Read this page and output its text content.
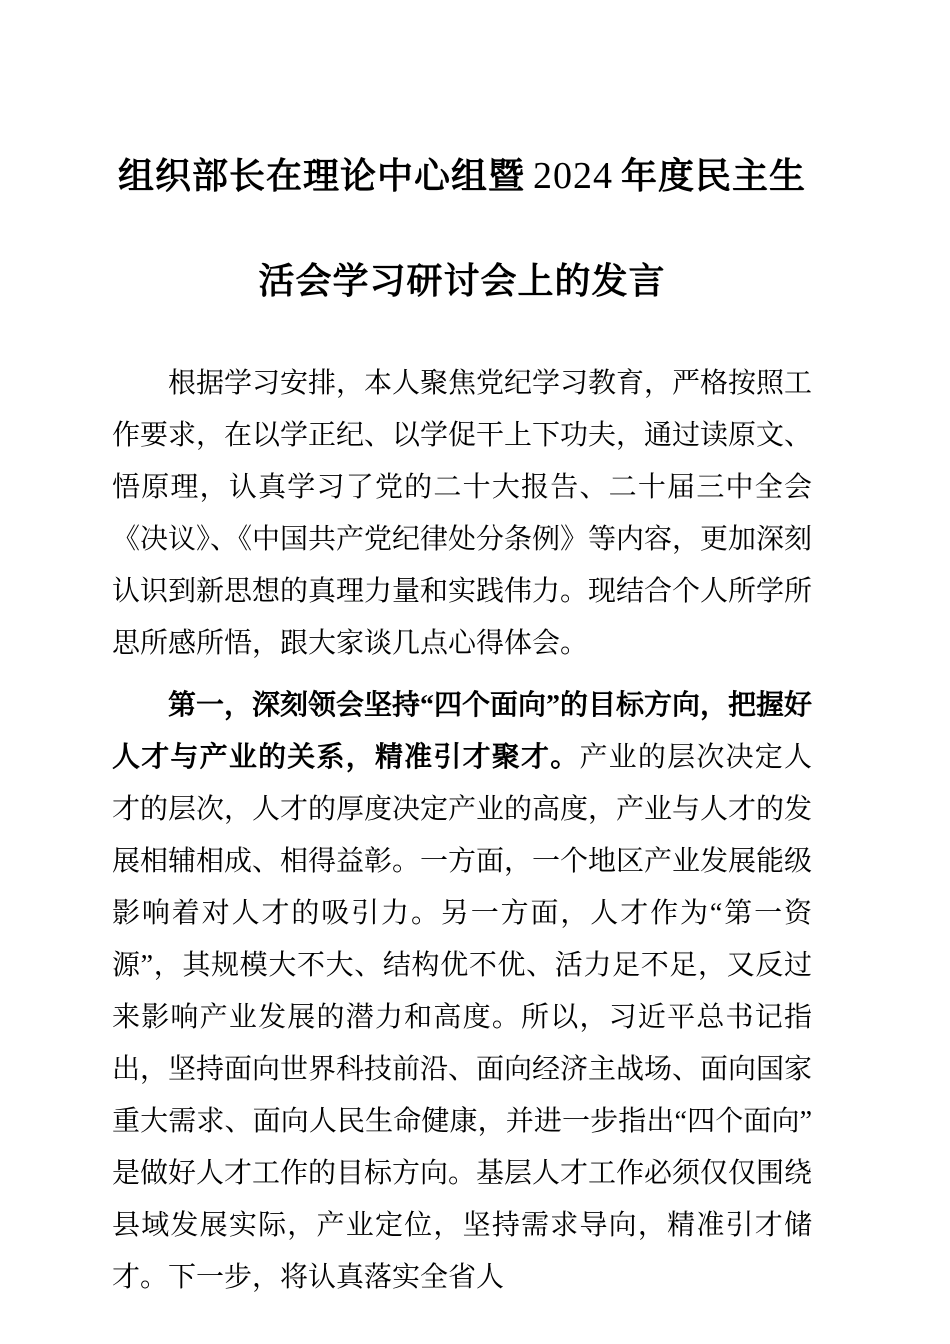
组织部长在理论中心组暨 2024 年度民主生
活会学习研讨会上的发言

根据学习安排，本人聚焦党纪学习教育，严格按照工作要求，在以学正纪、以学促干上下功夫，通过读原文、悟原理，认真学习了党的二十大报告、二十届三中全会《决议》、《中国共产党纪律处分条例》等内容，更加深刻认识到新思想的真理力量和实践伟力。现结合个人所学所思所感所悟，跟大家谈几点心得体会。

第一，深刻领会坚持“四个面向”的目标方向，把握好人才与产业的关系，精准引才聚才。产业的层次决定人才的层次，人才的厚度决定产业的高度，产业与人才的发展相辅相成、相得益彰。一方面，一个地区产业发展能级影响着对人才的吸引力。另一方面，人才作为“第一资源”，其规模大不大、结构优不优、活力足不足，又反过来影响产业发展的潜力和高度。所以，习近平总书记指出，坚持面向世界科技前沿、面向经济主战场、面向国家重大需求、面向人民生命健康，并进一步指出“四个面向”是做好人才工作的目标方向。基层人才工作必须仅仅围绕县域发展实际，产业定位，坚持需求导向，精准引才储才。下一步，将认真落实全省人
